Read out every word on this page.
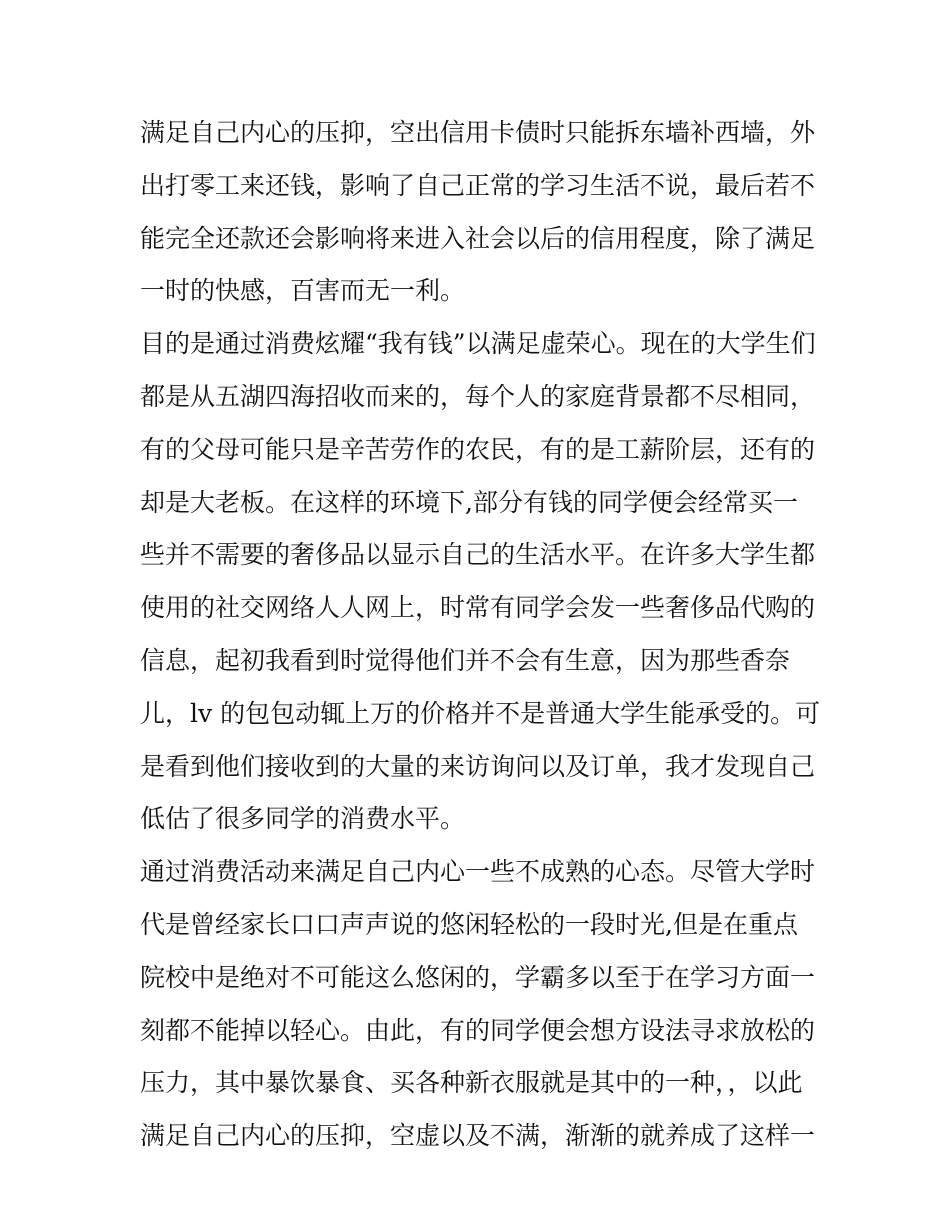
满足自己内心的压抑，空出信用卡债时只能拆东墙补西墙，外
出打零工来还钱，影响了自己正常的学习生活不说，最后若不
能完全还款还会影响将来进入社会以后的信用程度，除了满足
一时的快感，百害而无一利。
目的是通过消费炫耀“我有钱”以满足虚荣心。现在的大学生们
都是从五湖四海招收而来的，每个人的家庭背景都不尽相同，
有的父母可能只是辛苦劳作的农民，有的是工薪阶层，还有的
却是大老板。在这样的环境下,部分有钱的同学便会经常买一
些并不需要的奢侈品以显示自己的生活水平。在许多大学生都
使用的社交网络人人网上，时常有同学会发一些奢侈品代购的
信息，起初我看到时觉得他们并不会有生意，因为那些香奈
儿，lv 的包包动辄上万的价格并不是普通大学生能承受的。可
是看到他们接收到的大量的来访询问以及订单，我才发现自己
低估了很多同学的消费水平。
通过消费活动来满足自己内心一些不成熟的心态。尽管大学时
代是曾经家长口口声声说的悠闲轻松的一段时光,但是在重点
院校中是绝对不可能这么悠闲的，学霸多以至于在学习方面一
刻都不能掉以轻心。由此，有的同学便会想方设法寻求放松的
压力，其中暴饮暴食、买各种新衣服就是其中的一种，，以此
满足自己内心的压抑，空虚以及不满，渐渐的就养成了这样一
